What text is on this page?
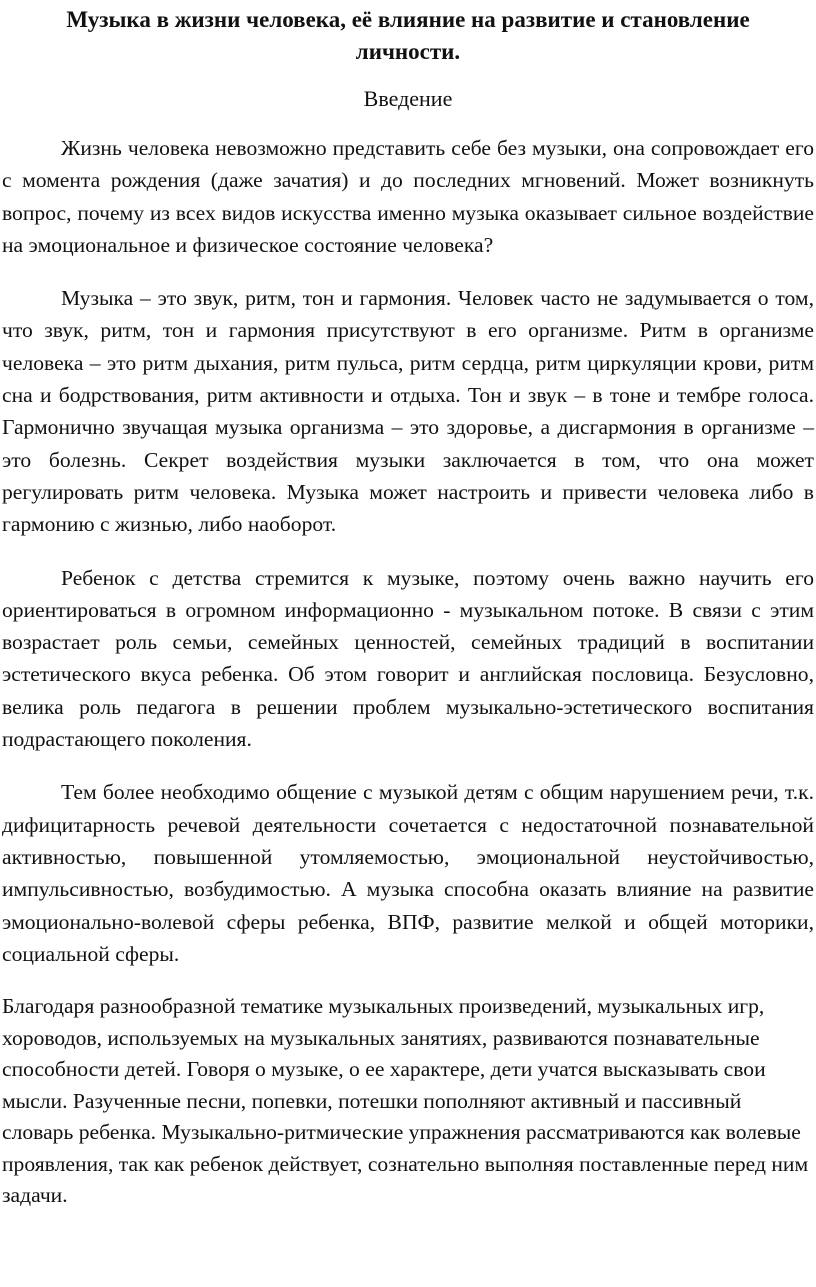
Музыка в жизни человека, её влияние на развитие и становление личности.
Введение

Жизнь человека невозможно представить себе без музыки, она сопровождает его с момента рождения (даже зачатия) и до последних мгновений. Может возникнуть вопрос, почему из всех видов искусства именно музыка оказывает сильное воздействие на эмоциональное и физическое состояние человека?

Музыка – это звук, ритм, тон и гармония. Человек часто не задумывается о том, что звук, ритм, тон и гармония присутствуют в его организме. Ритм в организме человека – это ритм дыхания, ритм пульса, ритм сердца, ритм циркуляции крови, ритм сна и бодрствования, ритм активности и отдыха. Тон и звук – в тоне и тембре голоса. Гармонично звучащая музыка организма – это здоровье, а дисгармония в организме – это болезнь. Секрет воздействия музыки заключается в том, что она может регулировать ритм человека. Музыка может настроить и привести человека либо в гармонию с жизнью, либо наоборот.

Ребенок с детства стремится к музыке, поэтому очень важно научить его ориентироваться в огромном информационно - музыкальном потоке. В связи с этим возрастает роль семьи, семейных ценностей, семейных традиций в воспитании эстетического вкуса ребенка. Об этом говорит и английская пословица. Безусловно, велика роль педагога в решении проблем музыкально-эстетического воспитания подрастающего поколения.

Тем более необходимо общение с музыкой детям с общим нарушением речи, т.к. дифицитарность речевой деятельности сочетается с недостаточной познавательной активностью, повышенной утомляемостью, эмоциональной неустойчивостью, импульсивностью, возбудимостью. А музыка способна оказать влияние на развитие эмоционально-волевой сферы ребенка, ВПФ, развитие мелкой и общей моторики, социальной сферы.

Благодаря разнообразной тематике музыкальных произведений, музыкальных игр, хороводов, используемых на музыкальных занятиях, развиваются познавательные способности детей. Говоря о музыке, о ее характере, дети учатся высказывать свои мысли. Разученные песни, попевки, потешки пополняют активный и пассивный словарь ребенка. Музыкально-ритмические упражнения рассматриваются как волевые проявления, так как ребенок действует, сознательно выполняя поставленные перед ним задачи.
